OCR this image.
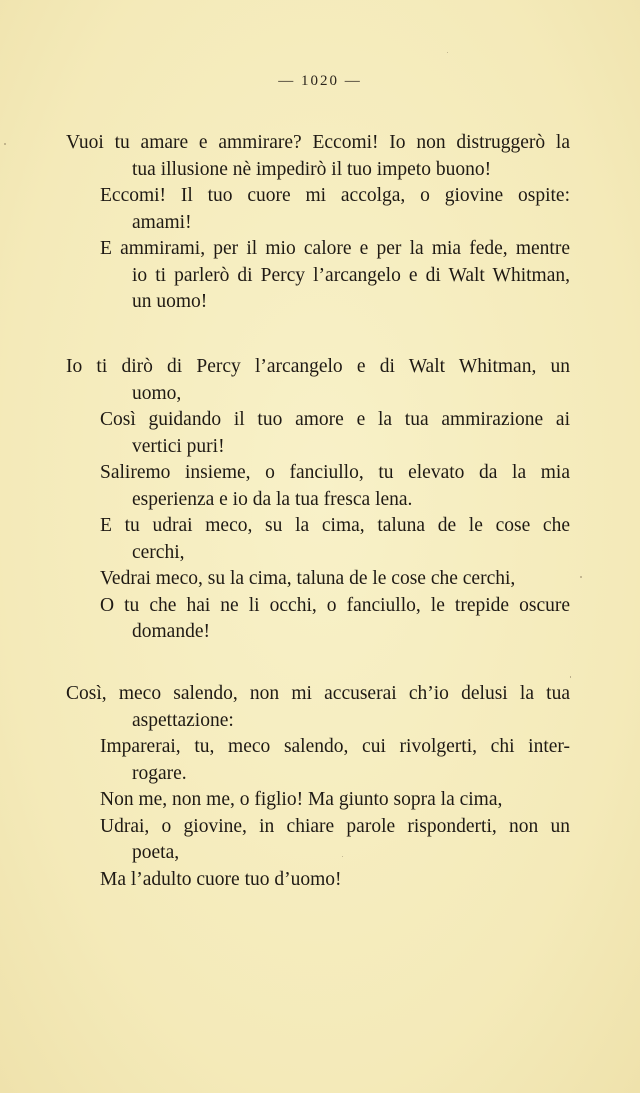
— 1020 —
Vuoi tu amare e ammirare? Eccomi! Io non distruggerò la
tua illusione nè impedirò il tuo impeto buono!
Eccomi! Il tuo cuore mi accolga, o giovine ospite:
amami!
E ammirami, per il mio calore e per la mia fede, mentre
io ti parlerò di Percy l’arcangelo e di Walt Whitman,
un uomo!
Io ti dirò di Percy l’arcangelo e di Walt Whitman, un
uomo,
Così guidando il tuo amore e la tua ammirazione ai
vertici puri!
Saliremo insieme, o fanciullo, tu elevato da la mia
esperienza e io da la tua fresca lena.
E tu udrai meco, su la cima, taluna de le cose che
cerchi,
Vedrai meco, su la cima, taluna de le cose che cerchi,
O tu che hai ne li occhi, o fanciullo, le trepide oscure
domande!
Così, meco salendo, non mi accuserai ch’io delusi la tua
aspettazione:
Imparerai, tu, meco salendo, cui rivolgerti, chi inter-
rogare.
Non me, non me, o figlio! Ma giunto sopra la cima,
Udrai, o giovine, in chiare parole risponderti, non un
poeta,
Ma l’adulto cuore tuo d’uomo!
